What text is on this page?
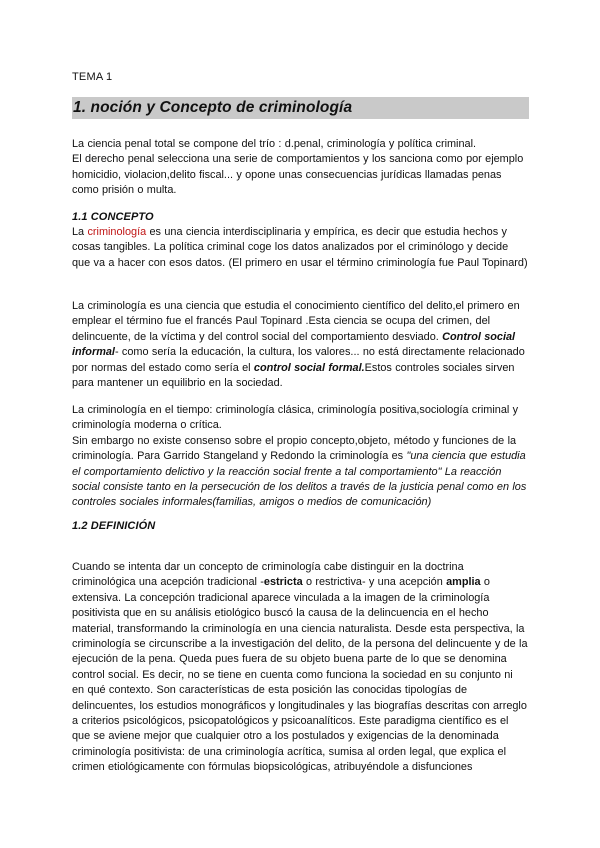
TEMA 1
1. noción y Concepto de criminología

La ciencia penal total se compone del trío : d.penal, criminología y política criminal.

El derecho penal selecciona una serie de comportamientos y los sanciona como por ejemplo homicidio, violacion,delito fiscal... y opone unas consecuencias jurídicas llamadas penas como prisión o multa.

1.1 CONCEPTO

La criminología es una ciencia interdisciplinaria y empírica, es decir que estudia hechos y cosas tangibles. La política criminal coge los datos analizados por el criminólogo y decide que va a hacer con esos datos. (El primero en usar el término criminología fue Paul Topinard)

La criminología es una ciencia que estudia el conocimiento científico del delito,el primero en emplear el término fue el francés Paul Topinard .Esta ciencia se ocupa del crimen, del delincuente, de la víctima y del control social del comportamiento desviado. Control social informal- como sería la educación, la cultura, los valores... no está directamente relacionado por normas del estado como sería el control social formal.Estos controles sociales sirven para mantener un equilibrio en la sociedad.

La criminología en el tiempo: criminología clásica, criminología positiva,sociología criminal y criminología moderna o crítica.

Sin embargo no existe consenso sobre el propio concepto,objeto, método y funciones de la criminología. Para Garrido Stangeland y Redondo la criminología es "una ciencia que estudia el comportamiento delictivo y la reacción social frente a tal comportamiento" La reacción social consiste tanto en la persecución de los delitos a través de la justicia penal como en los controles sociales informales(familias, amigos o medios de comunicación)

1.2 DEFINICIÓN

Cuando se intenta dar un concepto de criminología cabe distinguir en la doctrina criminológica una acepción tradicional -estricta o restrictiva- y una acepción amplia o extensiva. La concepción tradicional aparece vinculada a la imagen de la criminología positivista que en su análisis etiológico buscó la causa de la delincuencia en el hecho material, transformando la criminología en una ciencia naturalista. Desde esta perspectiva, la criminología se circunscribe a la investigación del delito, de la persona del delincuente y de la ejecución de la pena. Queda pues fuera de su objeto buena parte de lo que se denomina control social. Es decir, no se tiene en cuenta como funciona la sociedad en su conjunto ni en qué contexto. Son características de esta posición las conocidas tipologías de delincuentes, los estudios monográficos y longitudinales y las biografías descritas con arreglo a criterios psicológicos, psicopatológicos y psicoanalíticos. Este paradigma científico es el que se aviene mejor que cualquier otro a los postulados y exigencias de la denominada criminología positivista: de una criminología acrítica, sumisa al orden legal, que explica el crimen etiológicamente con fórmulas biopsicológicas, atribuyéndole a disfunciones
